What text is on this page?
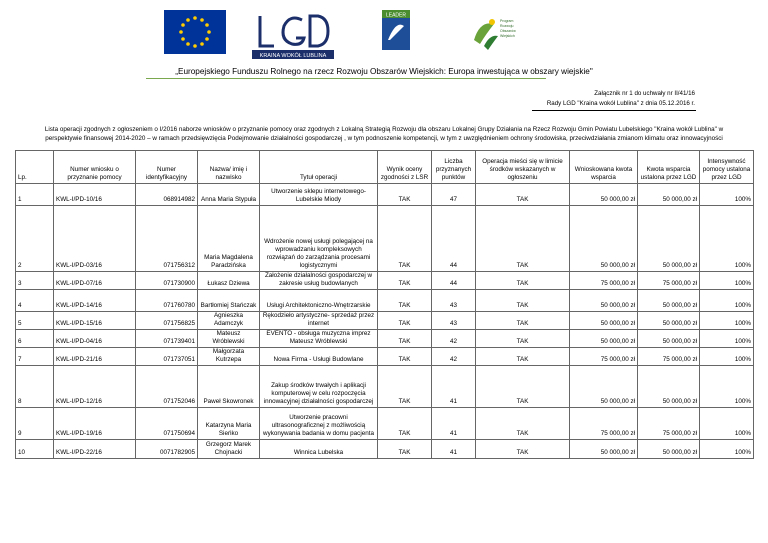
KRAINA WOKÓŁ LUBLINA
LEADER
Program
Rozwoju
Obszarów
Wiejskich
„Europejskiego Funduszu Rolnego na rzecz Rozwoju Obszarów Wiejskich: Europa inwestująca w obszary wiejskie"
Załącznik nr 1 do uchwały nr II/41/16
Rady LGD "Kraina wokół Lublina" z dnia 05.12.2016 r.
Lista operacji zgodnych z ogłoszeniem o I/2016 naborze wniosków o przyznanie pomocy oraz zgodnych z Lokalną Strategią Rozwoju dla obszaru Lokalnej Grupy Działania na Rzecz Rozwoju Gmin Powiatu Lubelskiego "Kraina wokół Lublina" w
perspektywie finansowej 2014-2020 – w ramach przedsięwzięcia Podejmowanie działalności gospodarczej , w tym podnoszenie kompetencji, w tym z uwzględnieniem ochrony środowiska, przeciwdziałania zmianom klimatu oraz innowacyjności
Lp.	Numer wniosku o przyznanie pomocy	Numer identyfikacyjny	Nazwa/ imię i nazwisko	Tytuł operacji	Wynik oceny zgodności z LSR	Liczba przyznanych punktów	Operacja mieści się w limicie środków wskazanych w ogłoszeniu	Wnioskowana kwota wsparcia	Kwota wsparcia ustalona przez LGD	Intensywność pomocy ustalona przez LGD
1	KWL-I/PD-10/16	068914982	Anna Maria Stypuła	Utworzenie sklepu internetowego- Lubelskie Miody	TAK	47	TAK	50 000,00 zł	50 000,00 zł	100%
2	KWL-I/PD-03/16	071756312	Maria Magdalena Paradzińska	Wdrożenie nowej usługi polegającej na wprowadzaniu kompleksowych rozwiązań do zarządzania procesami logistycznymi	TAK	44	TAK	50 000,00 zł	50 000,00 zł	100%
3	KWL-I/PD-07/16	071730900	Łukasz Dziewa	Założenie działalności gospodarczej w zakresie usług budowlanych	TAK	44	TAK	75 000,00 zł	75 000,00 zł	100%
4	KWL-I/PD-14/16	071760780	Bartłomiej Stańczak	Usługi Architektoniczno-Wnętrzarskie	TAK	43	TAK	50 000,00 zł	50 000,00 zł	100%
5	KWL-I/PD-15/16	071756825	Agnieszka Adamczyk	Rękodzieło artystyczne- sprzedaż przez internet	TAK	43	TAK	50 000,00 zł	50 000,00 zł	100%
6	KWL-I/PD-04/16	071739401	Mateusz Wróblewski	EVENTO - obsługa muzyczna imprez Mateusz Wróblewski	TAK	42	TAK	50 000,00 zł	50 000,00 zł	100%
7	KWL-I/PD-21/16	071737051	Małgorzata Kutrzepa	Nowa Firma - Usługi Budowlane	TAK	42	TAK	75 000,00 zł	75 000,00 zł	100%
8	KWL-I/PD-12/16	071752046	Paweł Skowronek	Zakup środków trwałych i aplikacji komputerowej w celu rozpoczęcia innowacyjnej działalności gospodarczej	TAK	41	TAK	50 000,00 zł	50 000,00 zł	100%
9	KWL-I/PD-19/16	071750694	Katarzyna Maria Sieńko	Utworzenie pracowni ultrasonograficznej z możliwością wykonywania badania w domu pacjenta	TAK	41	TAK	75 000,00 zł	75 000,00 zł	100%
10	KWL-I/PD-22/16	0071782905	Grzegorz Marek Chojnacki	Winnica Lubelska	TAK	41	TAK	50 000,00 zł	50 000,00 zł	100%
